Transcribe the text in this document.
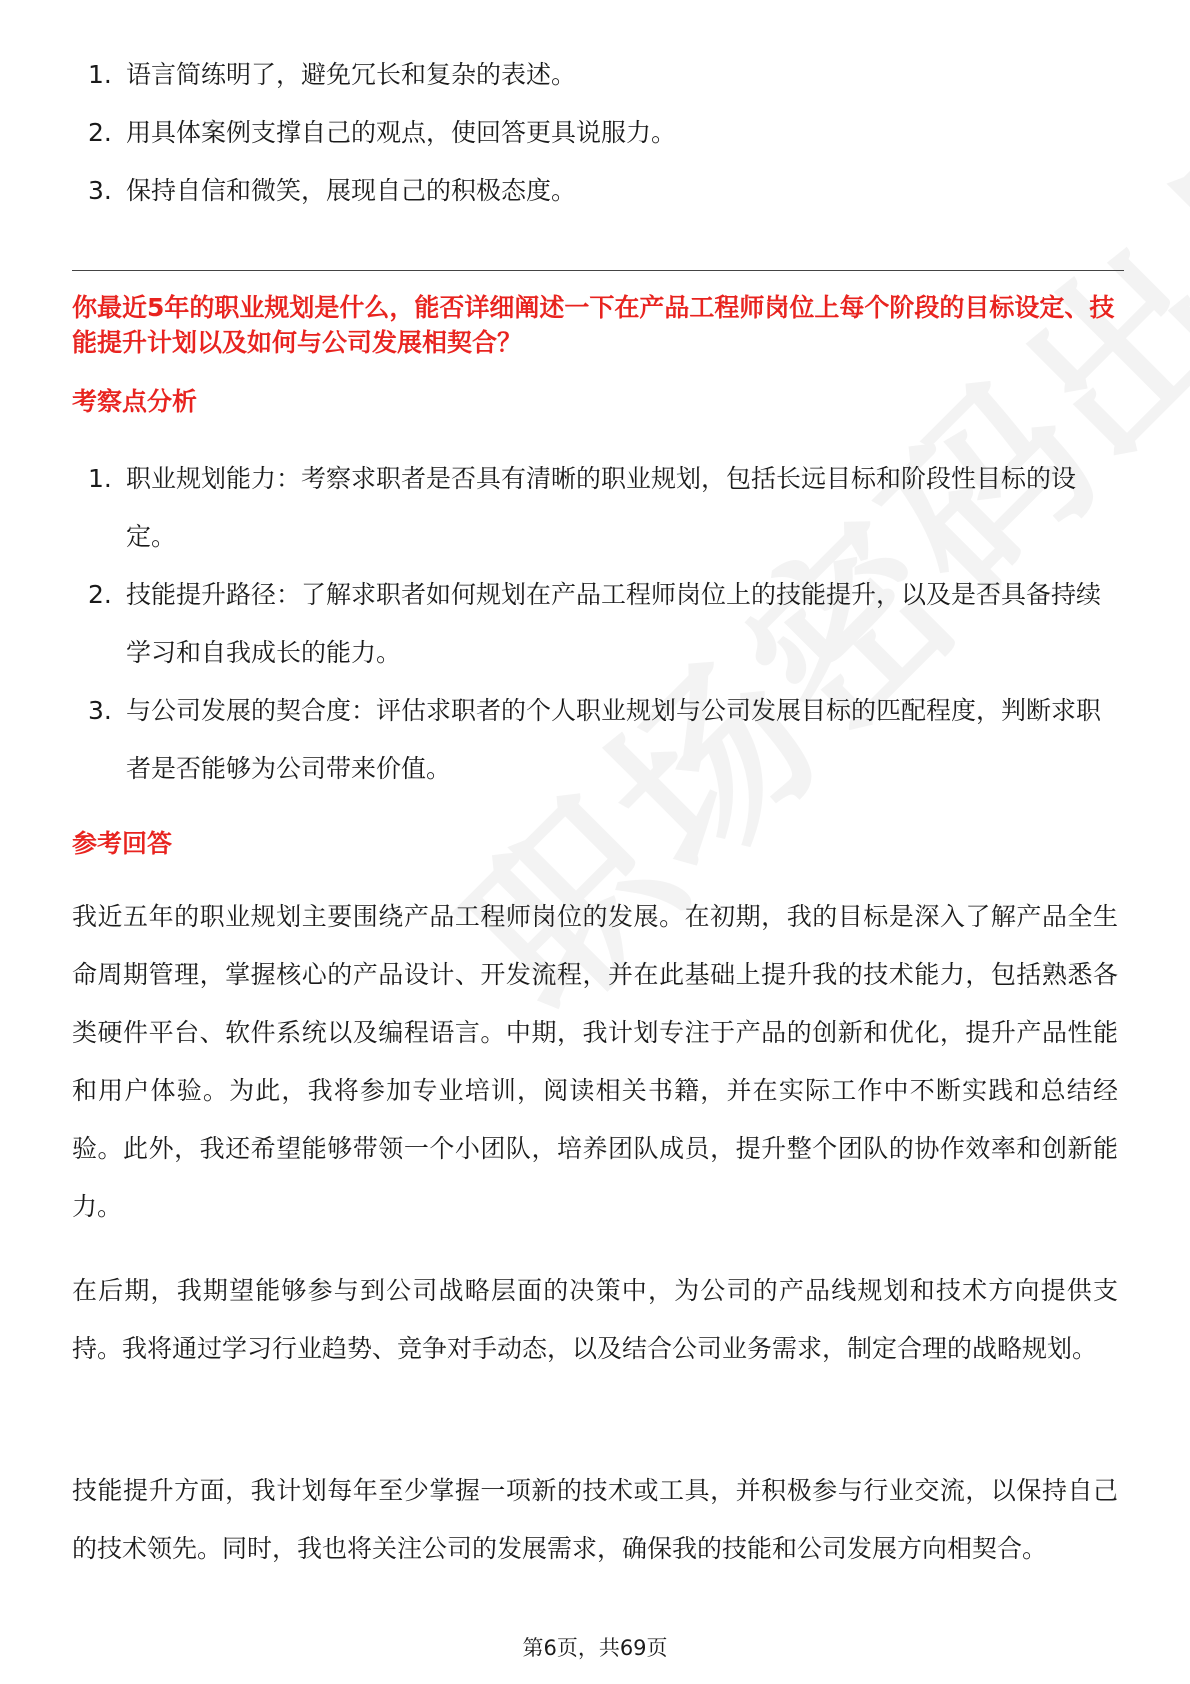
1. 语言简练明了，避免冗长和复杂的表述。
2. 用具体案例支撑自己的观点，使回答更具说服力。
3. 保持自信和微笑，展现自己的积极态度。
你最近5年的职业规划是什么，能否详细阐述一下在产品工程师岗位上每个阶段的目标设定、技能提升计划以及如何与公司发展相契合？
考察点分析
1. 职业规划能力：考察求职者是否具有清晰的职业规划，包括长远目标和阶段性目标的设定。
2. 技能提升路径：了解求职者如何规划在产品工程师岗位上的技能提升，以及是否具备持续学习和自我成长的能力。
3. 与公司发展的契合度：评估求职者的个人职业规划与公司发展目标的匹配程度，判断求职者是否能够为公司带来价值。
参考回答

我近五年的职业规划主要围绕产品工程师岗位的发展。在初期，我的目标是深入了解产品全生命周期管理，掌握核心的产品设计、开发流程，并在此基础上提升我的技术能力，包括熟悉各类硬件平台、软件系统以及编程语言。中期，我计划专注于产品的创新和优化，提升产品性能和用户体验。为此，我将参加专业培训，阅读相关书籍，并在实际工作中不断实践和总结经验。此外，我还希望能够带领一个小团队，培养团队成员，提升整个团队的协作效率和创新能力。

在后期，我期望能够参与到公司战略层面的决策中，为公司的产品线规划和技术方向提供支持。我将通过学习行业趋势、竞争对手动态，以及结合公司业务需求，制定合理的战略规划。

技能提升方面，我计划每年至少掌握一项新的技术或工具，并积极参与行业交流，以保持自己的技术领先。同时，我也将关注公司的发展需求，确保我的技能和公司发展方向相契合。

第6页，共69页
